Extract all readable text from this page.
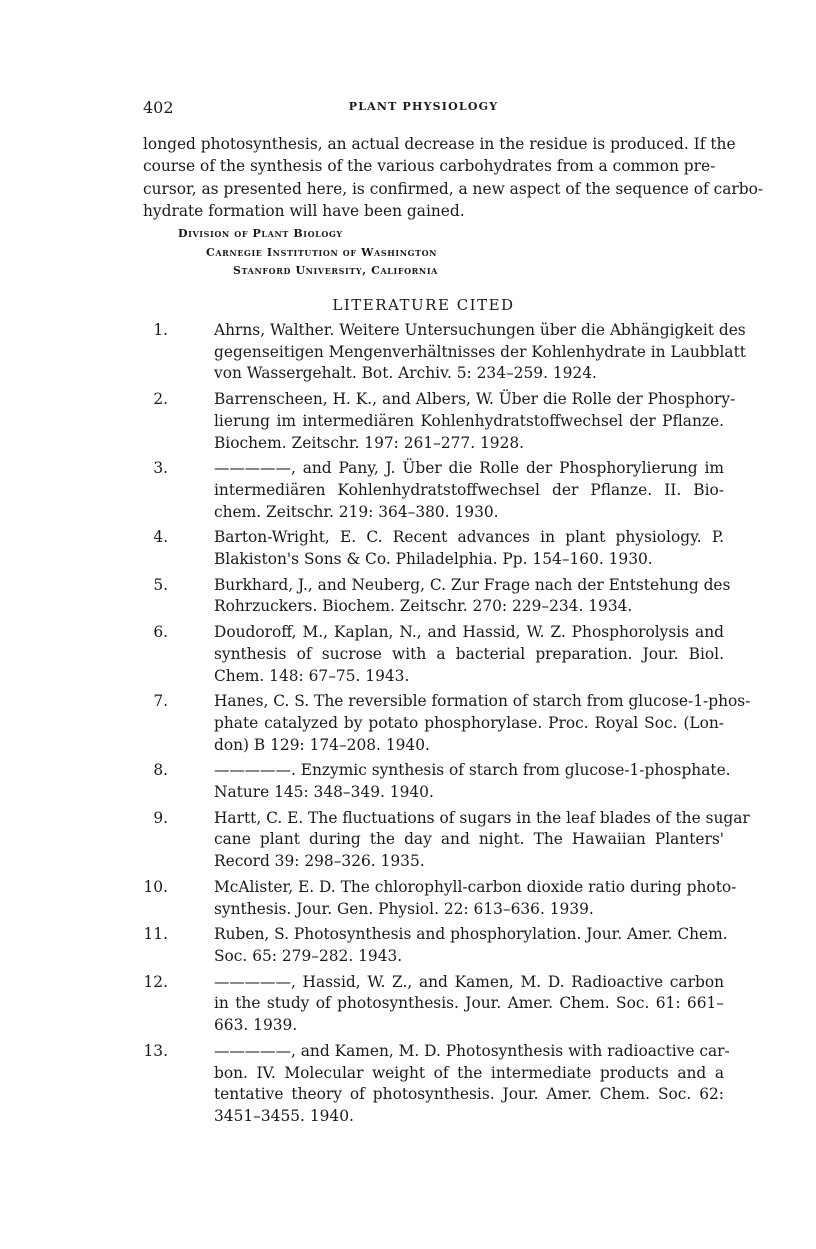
402	PLANT PHYSIOLOGY
longed photosynthesis, an actual decrease in the residue is produced. If the
course of the synthesis of the various carbohydrates from a common pre-
cursor, as presented here, is confirmed, a new aspect of the sequence of carbo-
hydrate formation will have been gained.
Division of Plant Biology
Carnegie Institution of Washington
Stanford University, California
LITERATURE CITED
1.	Ahrns, Walther. Weitere Untersuchungen über die Abhängigkeit des
gegenseitigen Mengenverhältnisses der Kohlenhydrate in Laubblatt
von Wassergehalt. Bot. Archiv. 5: 234–259. 1924.
2.	Barrenscheen, H. K., and Albers, W. Über die Rolle der Phosphory-
lierung im intermediären Kohlenhydratstoffwechsel der Pflanze.
Biochem. Zeitschr. 197: 261–277. 1928.
3.	—————, and Pany, J. Über die Rolle der Phosphorylierung im
intermediären Kohlenhydratstoffwechsel der Pflanze. II. Bio-
chem. Zeitschr. 219: 364–380. 1930.
4.	Barton-Wright, E. C. Recent advances in plant physiology. P.
Blakiston's Sons & Co. Philadelphia. Pp. 154–160. 1930.
5.	Burkhard, J., and Neuberg, C. Zur Frage nach der Entstehung des
Rohrzuckers. Biochem. Zeitschr. 270: 229–234. 1934.
6.	Doudoroff, M., Kaplan, N., and Hassid, W. Z. Phosphorolysis and
synthesis of sucrose with a bacterial preparation. Jour. Biol.
Chem. 148: 67–75. 1943.
7.	Hanes, C. S. The reversible formation of starch from glucose-1-phos-
phate catalyzed by potato phosphorylase. Proc. Royal Soc. (Lon-
don) B 129: 174–208. 1940.
8.	—————. Enzymic synthesis of starch from glucose-1-phosphate.
Nature 145: 348–349. 1940.
9.	Hartt, C. E. The fluctuations of sugars in the leaf blades of the sugar
cane plant during the day and night. The Hawaiian Planters'
Record 39: 298–326. 1935.
10.	McAlister, E. D. The chlorophyll-carbon dioxide ratio during photo-
synthesis. Jour. Gen. Physiol. 22: 613–636. 1939.
11.	Ruben, S. Photosynthesis and phosphorylation. Jour. Amer. Chem.
Soc. 65: 279–282. 1943.
12.	—————, Hassid, W. Z., and Kamen, M. D. Radioactive carbon
in the study of photosynthesis. Jour. Amer. Chem. Soc. 61: 661–
663. 1939.
13.	—————, and Kamen, M. D. Photosynthesis with radioactive car-
bon. IV. Molecular weight of the intermediate products and a
tentative theory of photosynthesis. Jour. Amer. Chem. Soc. 62:
3451–3455. 1940.
